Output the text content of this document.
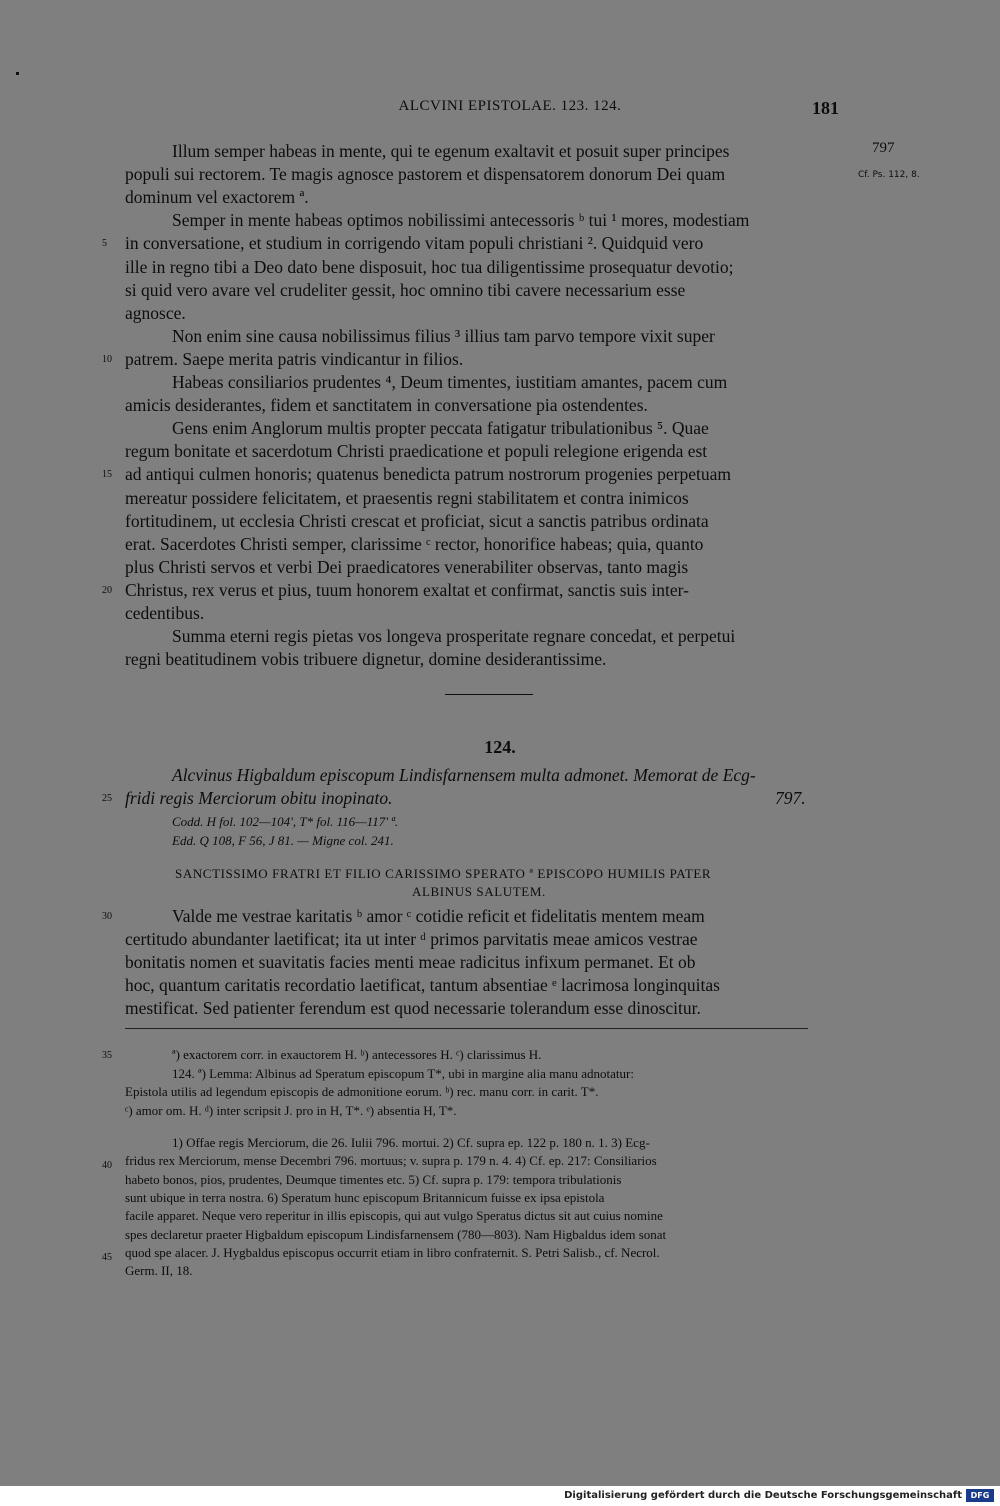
ALCVINI EPISTOLAE. 123. 124.	181
Illum semper habeas in mente, qui te egenum exaltavit et posuit super principes
populi sui rectorem. Te magis agnosce pastorem et dispensatorem donorum Dei quam
dominum vel exactorem ª.
Semper in mente habeas optimos nobilissimi antecessoris ᵇ tui ¹ mores, modestiam
in conversatione, et studium in corrigendo vitam populi christiani ². Quidquid vero
ille in regno tibi a Deo dato bene disposuit, hoc tua diligentissime prosequatur devotio;
si quid vero avare vel crudeliter gessit, hoc omnino tibi cavere necessarium esse
agnosce.
Non enim sine causa nobilissimus filius ³ illius tam parvo tempore vixit super
patrem. Saepe merita patris vindicantur in filios.
Habeas consiliarios prudentes ⁴, Deum timentes, iustitiam amantes, pacem cum
amicis desiderantes, fidem et sanctitatem in conversatione pia ostendentes.
Gens enim Anglorum multis propter peccata fatigatur tribulationibus ⁵. Quae
regum bonitate et sacerdotum Christi praedicatione et populi relegione erigenda est
ad antiqui culmen honoris; quatenus benedicta patrum nostrorum progenies perpetuam
mereatur possidere felicitatem, et praesentis regni stabilitatem et contra inimicos
fortitudinem, ut ecclesia Christi crescat et proficiat, sicut a sanctis patribus ordinata
erat. Sacerdotes Christi semper, clarissime ᶜ rector, honorifice habeas; quia, quanto
plus Christi servos et verbi Dei praedicatores venerabiliter observas, tanto magis
Christus, rex verus et pius, tuum honorem exaltat et confirmat, sanctis suis inter-
cedentibus.
Summa eterni regis pietas vos longeva prosperitate regnare concedat, et perpetui
regni beatitudinem vobis tribuere dignetur, domine desiderantissime.
797
Cf. Ps. 112, 8.
124.
Alcvinus Higbaldum episcopum Lindisfarnensem multa admonet. Memorat de Ecg-
fridi regis Merciorum obitu inopinato.	797.
25
Codd. H fol. 102—104', T* fol. 116—117' ª.
Edd. Q 108, F 56, J 81. — Migne col. 241.
SANCTISSIMO FRATRI ET FILIO CARISSIMO SPERATO ª EPISCOPO HUMILIS PATER
ALBINUS SALUTEM.
Valde me vestrae karitatis ᵇ amor ᶜ cotidie reficit et fidelitatis mentem meam
certitudo abundanter laetificat; ita ut inter ᵈ primos parvitatis meae amicos vestrae
bonitatis nomen et suavitatis facies menti meae radicitus infixum permanet. Et ob
hoc, quantum caritatis recordatio laetificat, tantum absentiae ᵉ lacrimosa longinquitas
mestificat. Sed patienter ferendum est quod necessarie tolerandum esse dinoscitur.
30
35	ª) exactorem corr. in exauctorem H. ᵇ) antecessores H. ᶜ) clarissimus H.
124. ª) Lemma: Albinus ad Speratum episcopum T*, ubi in margine alia manu adnotatur:
Epistola utilis ad legendum episcopis de admonitione eorum. ᵇ) rec. manu corr. in carit. T*.
ᶜ) amor om. H. ᵈ) inter scripsit J. pro in H, T*. ᵉ) absentia H, T*.
1) Offae regis Merciorum, die 26. Iulii 796. mortui. 2) Cf. supra ep. 122 p. 180 n. 1. 3) Ecg-
fridus rex Merciorum, mense Decembri 796. mortuus; v. supra p. 179 n. 4. 4) Cf. ep. 217: Consiliarios
habeto bonos, pios, prudentes, Deumque timentes etc. 5) Cf. supra p. 179: tempora tribulationis
sunt ubique in terra nostra. 6) Speratum hunc episcopum Britannicum fuisse ex ipsa epistola
facile apparet. Neque vero reperitur in illis episcopis, qui aut vulgo Speratus dictus sit aut cuius nomine
spes declaretur praeter Higbaldum episcopum Lindisfarnensem (780—803). Nam Higbaldus idem sonat
quod spe alacer. J. Hygbaldus episcopus occurrit etiam in libro confraternit. S. Petri Salisb., cf. Necrol.
Germ. II, 18.
40
45
Digitalisierung gefördert durch die Deutsche Forschungsgemeinschaft	DFG
5
10
15
20
